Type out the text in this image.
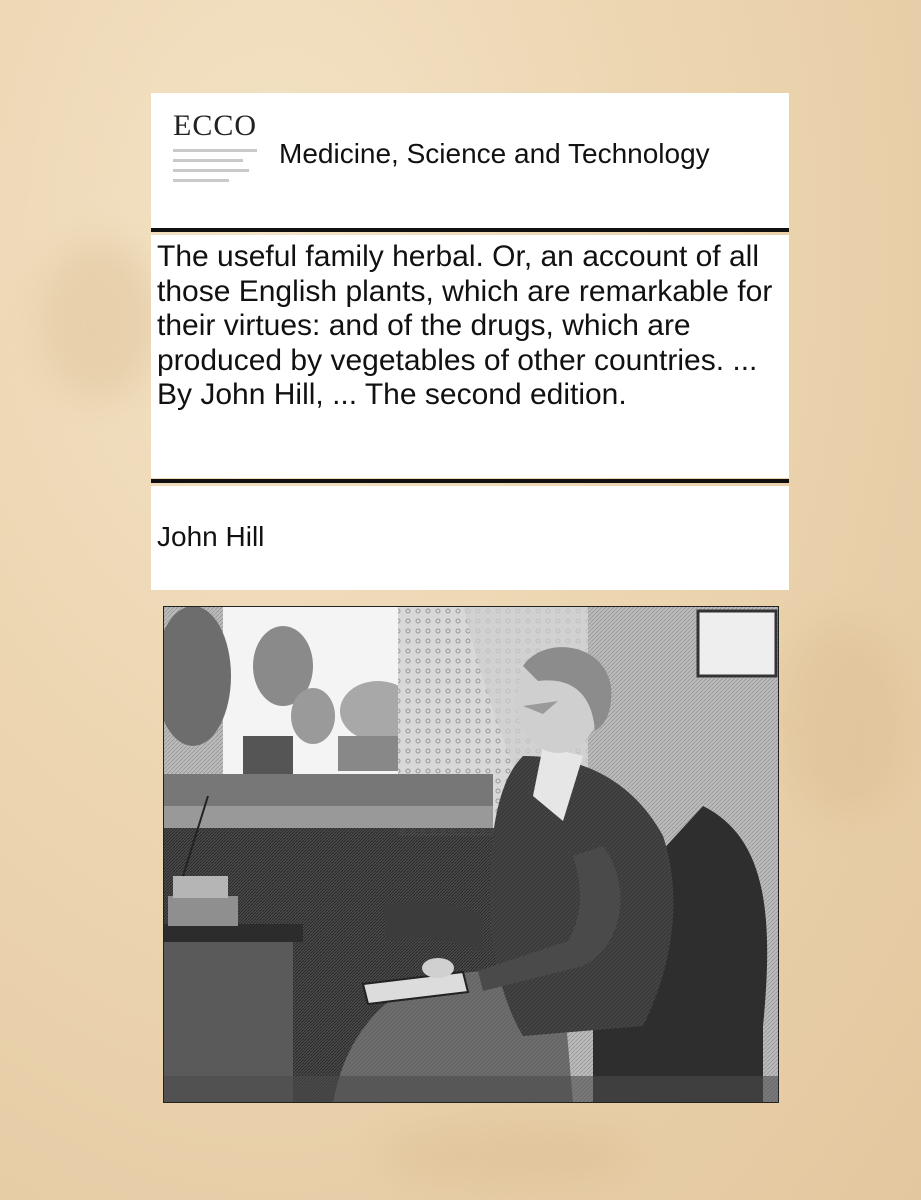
ECCO
Medicine, Science and Technology
The useful family herbal. Or, an account of all those English plants, which are remarkable for their virtues: and of the drugs, which are produced by vegetables of other countries. ... By John Hill, ... The second edition.
John Hill
